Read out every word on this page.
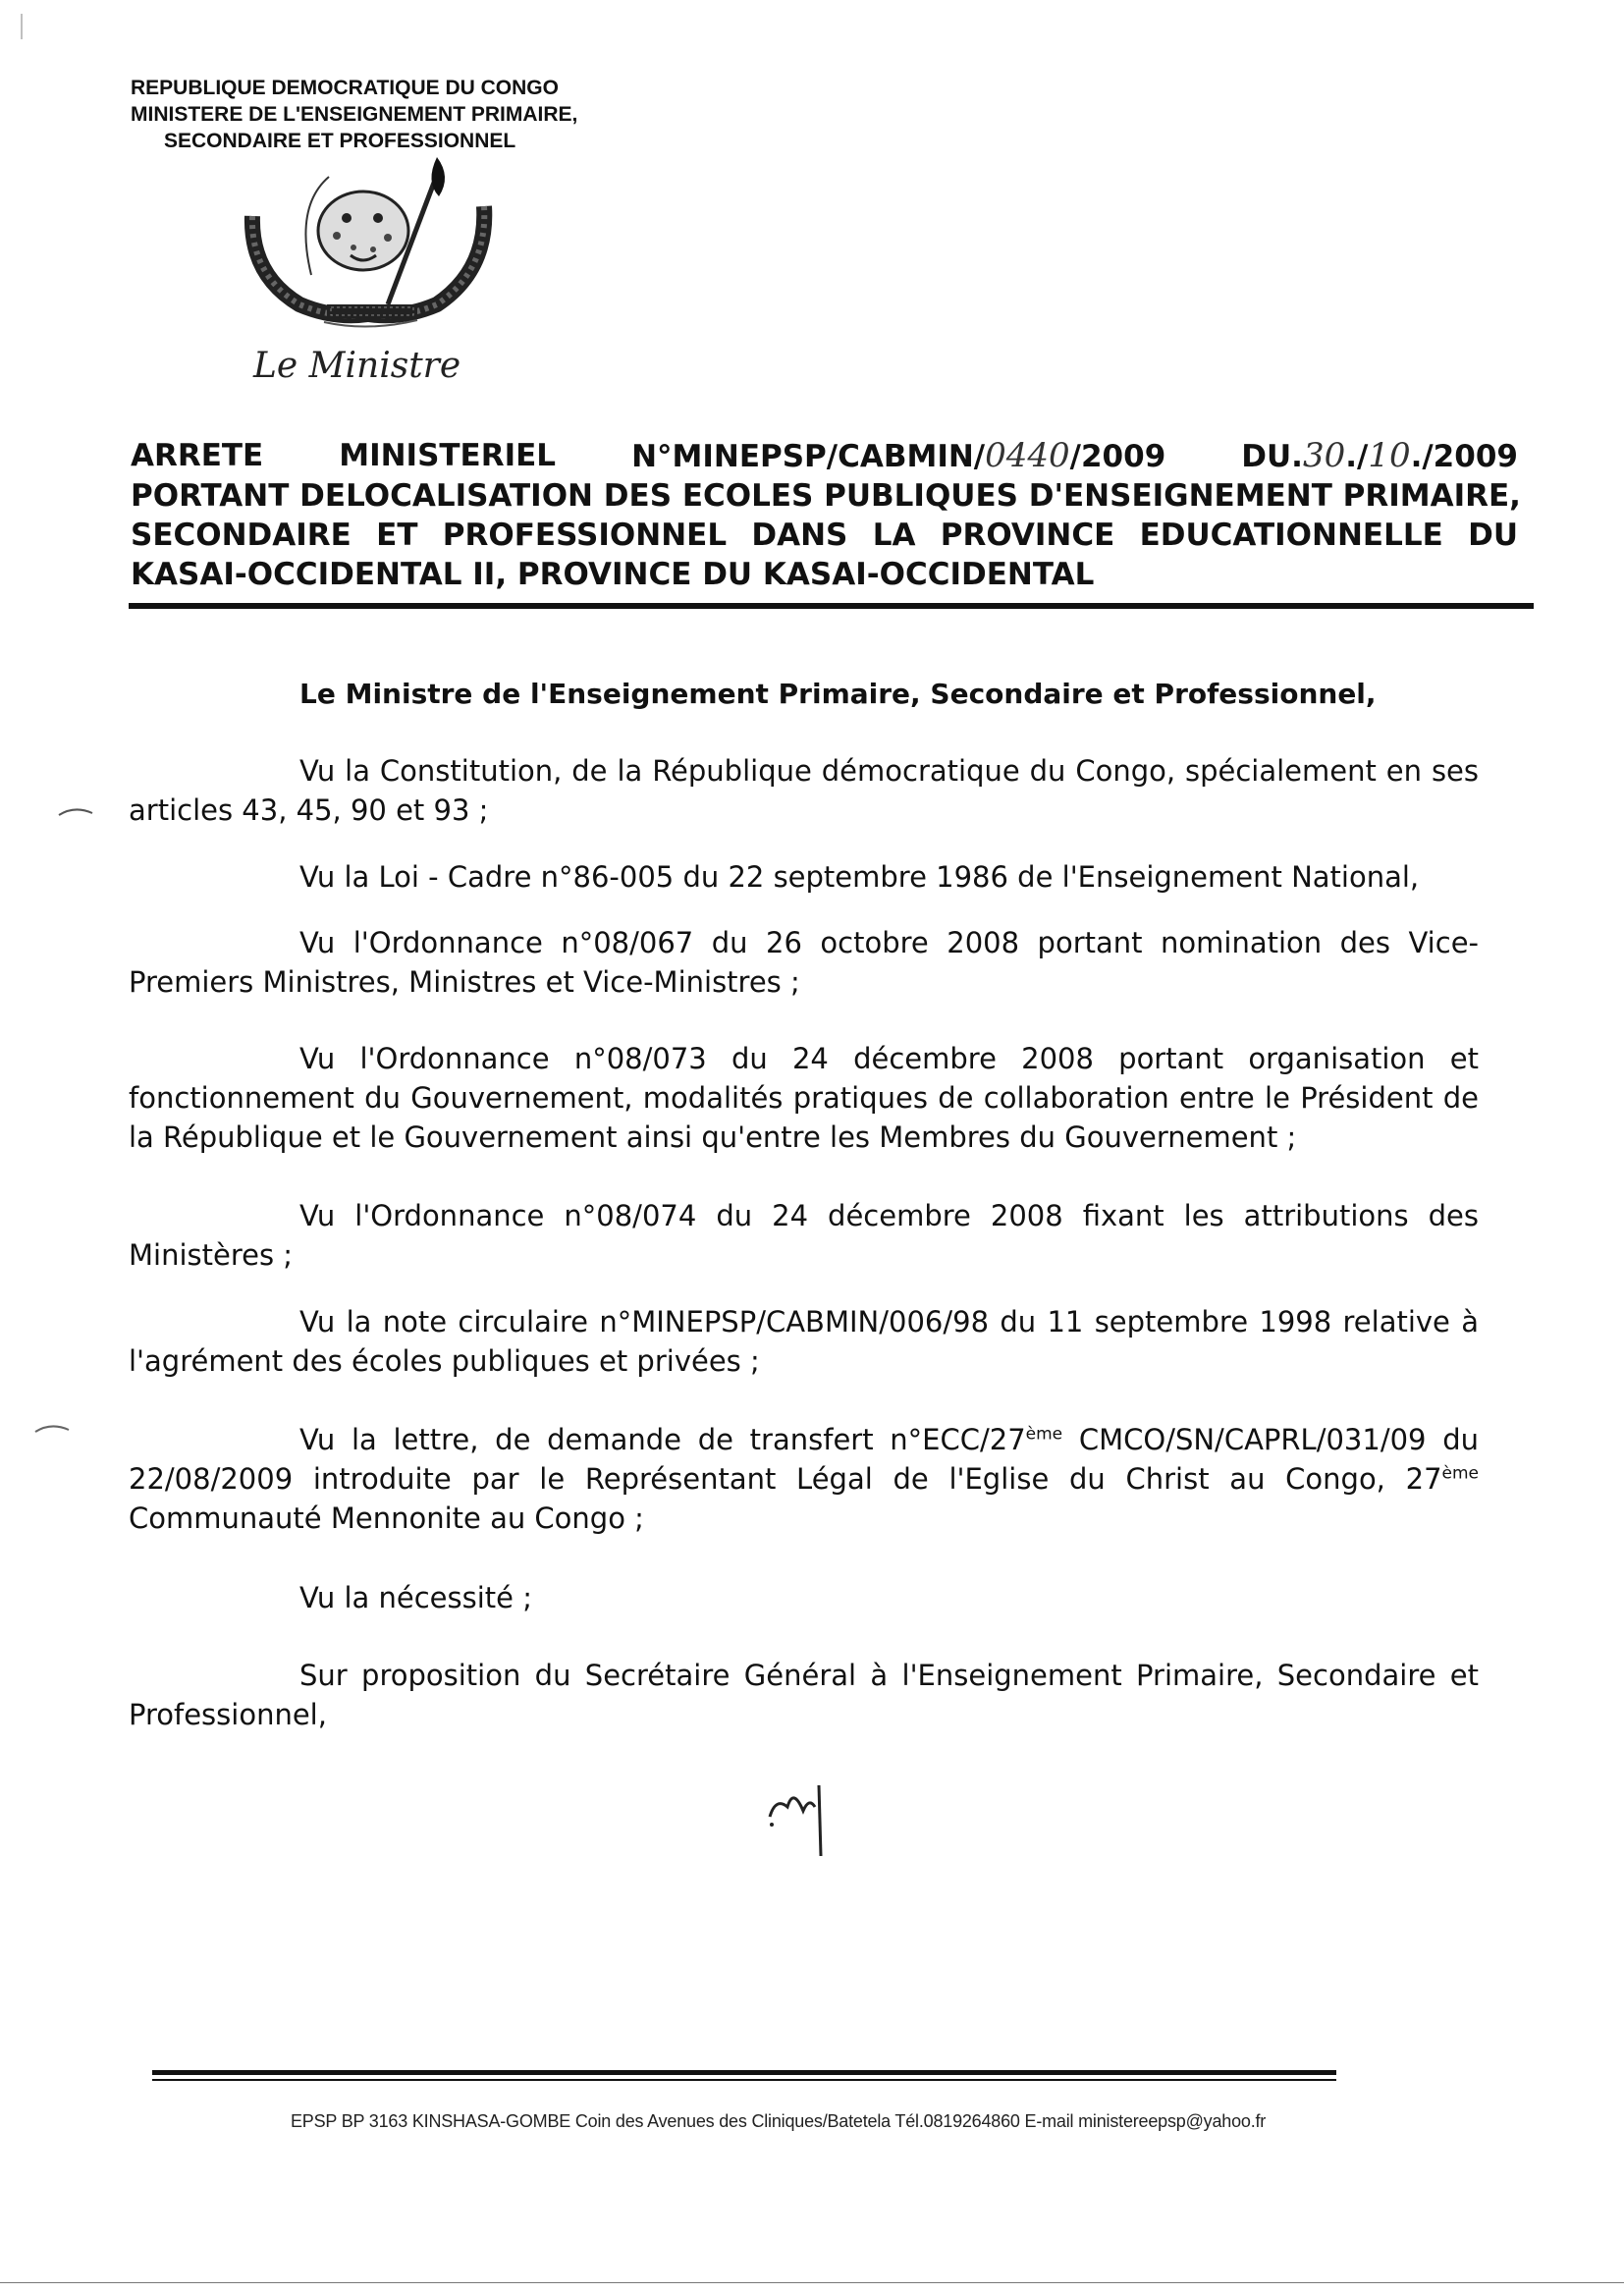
REPUBLIQUE DEMOCRATIQUE DU CONGO
MINISTERE DE L'ENSEIGNEMENT PRIMAIRE,
SECONDAIRE ET PROFESSIONNEL
Le Ministre
ARRETE MINISTERIEL N°MINEPSP/CABMIN/0440/2009 DU.30./10./2009
PORTANT DELOCALISATION DES ECOLES PUBLIQUES D'ENSEIGNEMENT PRIMAIRE,
SECONDAIRE ET PROFESSIONNEL DANS LA PROVINCE EDUCATIONNELLE DU
KASAI-OCCIDENTAL II, PROVINCE DU KASAI-OCCIDENTAL
Le Ministre de l'Enseignement Primaire, Secondaire et Professionnel,
Vu la Constitution, de la République démocratique du Congo, spécialement en ses articles 43, 45, 90 et 93 ;
Vu la Loi - Cadre n°86-005 du 22 septembre 1986 de l'Enseignement National,
Vu l'Ordonnance n°08/067 du 26 octobre 2008 portant nomination des Vice-Premiers Ministres, Ministres et Vice-Ministres ;
Vu l'Ordonnance n°08/073 du 24 décembre 2008 portant organisation et fonctionnement du Gouvernement, modalités pratiques de collaboration entre le Président de la République et le Gouvernement ainsi qu'entre les Membres du Gouvernement ;
Vu l'Ordonnance n°08/074 du 24 décembre 2008 fixant les attributions des Ministères ;
Vu la note circulaire n°MINEPSP/CABMIN/006/98 du 11 septembre 1998 relative à l'agrément des écoles publiques et privées ;
Vu la lettre, de demande de transfert n°ECC/27ème CMCO/SN/CAPRL/031/09 du 22/08/2009 introduite par le Représentant Légal de l'Eglise du Christ au Congo, 27ème Communauté Mennonite au Congo ;
Vu la nécessité ;
Sur proposition du Secrétaire Général à l'Enseignement Primaire, Secondaire et Professionnel,
EPSP BP 3163 KINSHASA-GOMBE Coin des Avenues des Cliniques/Batetela Tél.0819264860 E-mail ministereepsp@yahoo.fr
